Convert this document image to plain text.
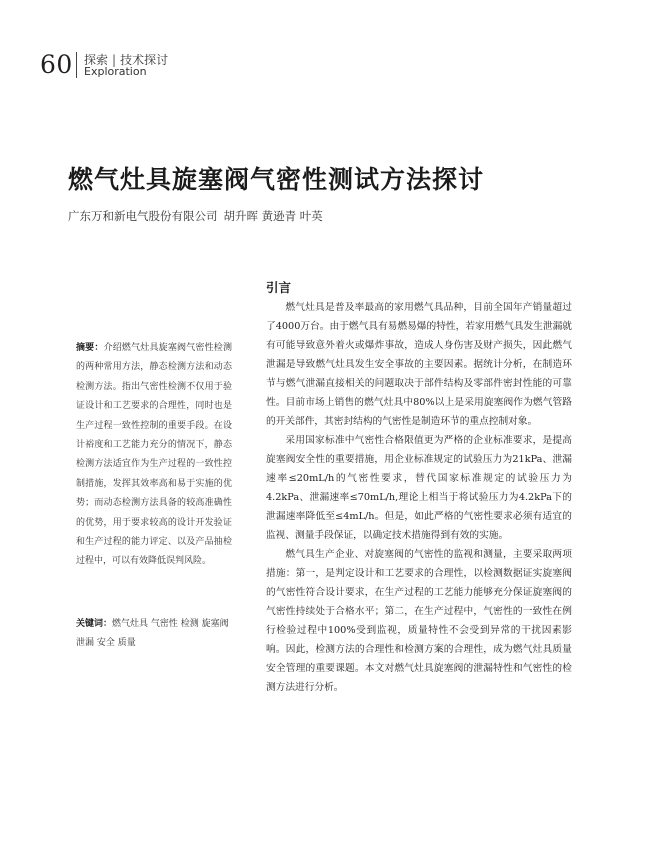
60 探索 | 技术探讨
Exploration
燃气灶具旋塞阀气密性测试方法探讨
广东万和新电气股份有限公司 胡升晖 黄逊青 叶英

摘要：介绍燃气灶具旋塞阀气密性检测的两种常用方法，静态检测方法和动态检测方法。指出气密性检测不仅用于验证设计和工艺要求的合理性，同时也是生产过程一致性控制的重要手段。在设计裕度和工艺能力充分的情况下，静态检测方法适宜作为生产过程的一致性控制措施，发挥其效率高和易于实施的优势；而动态检测方法具备的较高准确性的优势，用于要求较高的设计开发验证和生产过程的能力评定、以及产品抽检过程中，可以有效降低误判风险。

关键词：燃气灶具 气密性 检测 旋塞阀 泄漏 安全 质量

引言

燃气灶具是普及率最高的家用燃气具品种，目前全国年产销量超过了4000万台。由于燃气具有易燃易爆的特性，若家用燃气具发生泄漏就有可能导致意外着火或爆炸事故，造成人身伤害及财产损失，因此燃气泄漏是导致燃气灶具发生安全事故的主要因素。据统计分析，在制造环节与燃气泄漏直接相关的问题取决于部件结构及零部件密封性能的可靠性。目前市场上销售的燃气灶具中80%以上是采用旋塞阀作为燃气管路的开关部件，其密封结构的气密性是制造环节的重点控制对象。

采用国家标准中气密性合格限值更为严格的企业标准要求，是提高旋塞阀安全性的重要措施，用企业标准规定的试验压力为21kPa、泄漏速率≤20mL/h的气密性要求，替代国家标准规定的试验压力为4.2kPa、泄漏速率≤70mL/h,理论上相当于将试验压力为4.2kPa下的泄漏速率降低至≤4mL/h。但是，如此严格的气密性要求必须有适宜的监视、测量手段保证，以确定技术措施得到有效的实施。

燃气具生产企业、对旋塞阀的气密性的监视和测量，主要采取两项措施：第一，是判定设计和工艺要求的合理性，以检测数据证实旋塞阀的气密性符合设计要求，在生产过程的工艺能力能够充分保证旋塞阀的气密性持续处于合格水平；第二，在生产过程中，气密性的一致性在例行检验过程中100%受到监视，质量特性不会受到异常的干扰因素影响。因此，检测方法的合理性和检测方案的合理性，成为燃气灶具质量安全管理的重要课题。本文对燃气灶具旋塞阀的泄漏特性和气密性的检测方法进行分析。
